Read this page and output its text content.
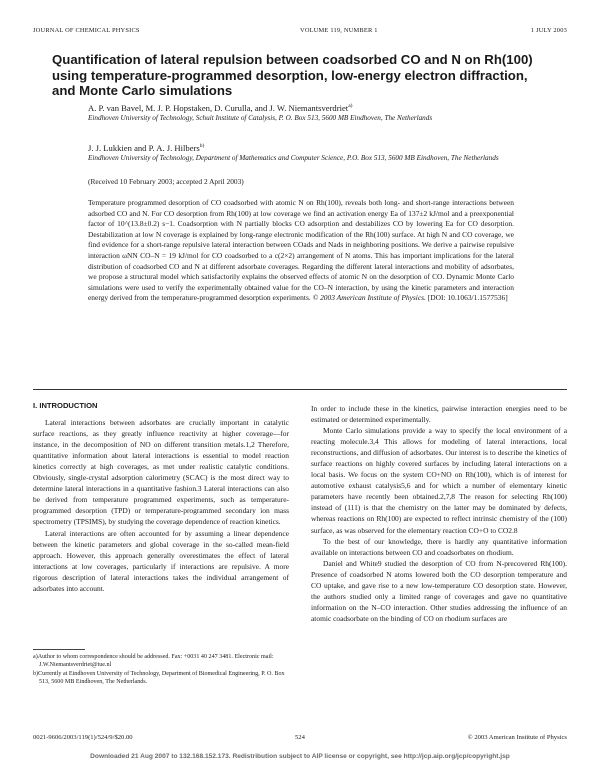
JOURNAL OF CHEMICAL PHYSICS	VOLUME 119, NUMBER 1	1 JULY 2003
Quantification of lateral repulsion between coadsorbed CO and N on Rh(100) using temperature-programmed desorption, low-energy electron diffraction, and Monte Carlo simulations
A. P. van Bavel, M. J. P. Hopstaken, D. Curulla, and J. W. Niemantsverdriet$^{a)}$
Eindhoven University of Technology, Schuit Institute of Catalysis, P. O. Box 513, 5600 MB Eindhoven, The Netherlands
J. J. Lukkien and P. A. J. Hilbers$^{b)}$
Eindhoven University of Technology, Department of Mathematics and Computer Science, P.O. Box 513, 5600 MB Eindhoven, The Netherlands
(Received 10 February 2003; accepted 2 April 2003)
Temperature programmed desorption of CO coadsorbed with atomic N on Rh(100), reveals both long- and short-range interactions between adsorbed CO and N. For CO desorption from Rh(100) at low coverage we find an activation energy Ea of 137±2 kJ/mol and a preexponential factor of 10^(13.8±0.2) s−1. Coadsorption with N partially blocks CO adsorption and destabilizes CO by lowering Ea for CO desorption. Destabilization at low N coverage is explained by long-range electronic modification of the Rh(100) surface. At high N and CO coverage, we find evidence for a short-range repulsive lateral interaction between COads and Nads in neighboring positions. We derive a pairwise repulsive interaction ωNN CO–N = 19 kJ/mol for CO coadsorbed to a c(2×2) arrangement of N atoms. This has important implications for the lateral distribution of coadsorbed CO and N at different adsorbate coverages. Regarding the different lateral interactions and mobility of adsorbates, we propose a structural model which satisfactorily explains the observed effects of atomic N on the desorption of CO. Dynamic Monte Carlo simulations were used to verify the experimentally obtained value for the CO–N interaction, by using the kinetic parameters and interaction energy derived from the temperature-programmed desorption experiments. © 2003 American Institute of Physics. [DOI: 10.1063/1.1577536]

I. INTRODUCTION

Lateral interactions between adsorbates are crucially important in catalytic surface reactions, as they greatly influence reactivity at higher coverage—for instance, in the decomposition of NO on different transition metals.1,2 Therefore, quantitative information about lateral interactions is essential to model reaction kinetics correctly at high coverages, as met under realistic catalytic conditions. Obviously, single-crystal adsorption calorimetry (SCAC) is the most direct way to determine lateral interactions in a quantitative fashion.3 Lateral interactions can also be derived from temperature programmed experiments, such as temperature-programmed desorption (TPD) or temperature-programmed secondary ion mass spectrometry (TPSIMS), by studying the coverage dependence of reaction kinetics.

Lateral interactions are often accounted for by assuming a linear dependence between the kinetic parameters and global coverage in the so-called mean-field approach. However, this approach generally overestimates the effect of lateral interactions at low coverages, particularly if interactions are repulsive. A more rigorous description of lateral interactions takes the individual arrangement of adsorbates into account.

In order to include these in the kinetics, pairwise interaction energies need to be estimated or determined experimentally.

Monte Carlo simulations provide a way to specify the local environment of a reacting molecule.3,4 This allows for modeling of lateral interactions, local reconstructions, and diffusion of adsorbates. Our interest is to describe the kinetics of surface reactions on highly covered surfaces by including lateral interactions on a local basis. We focus on the system CO+NO on Rh(100), which is of interest for automotive exhaust catalysis5,6 and for which a number of elementary kinetic parameters have recently been obtained.2,7,8 The reason for selecting Rh(100) instead of (111) is that the chemistry on the latter may be dominated by defects, whereas reactions on Rh(100) are expected to reflect intrinsic chemistry of the (100) surface, as was observed for the elementary reaction CO+O to CO2.8

To the best of our knowledge, there is hardly any quantitative information available on interactions between CO and coadsorbates on rhodium.

Daniel and White9 studied the desorption of CO from N-precovered Rh(100). Presence of coadsorbed N atoms lowered both the CO desorption temperature and CO uptake, and gave rise to a new low-temperature CO desorption state. However, the authors studied only a limited range of coverages and gave no quantitative information on the N–CO interaction. Other studies addressing the influence of an atomic coadsorbate on the binding of CO on rhodium surfaces are

a)Author to whom correspondence should be addressed. Fax: +0031 40 247 3481. Electronic mail: J.W.Niemantsverdriet@tue.nl

b)Currently at Eindhoven University of Technology, Department of Biomedical Engineering, P. O. Box 513, 5600 MB Eindhoven, The Netherlands.

0021-9606/2003/119(1)/524/9/$20.00	524	© 2003 American Institute of Physics
Downloaded 21 Aug 2007 to 132.168.152.173. Redistribution subject to AIP license or copyright, see http://jcp.aip.org/jcp/copyright.jsp
